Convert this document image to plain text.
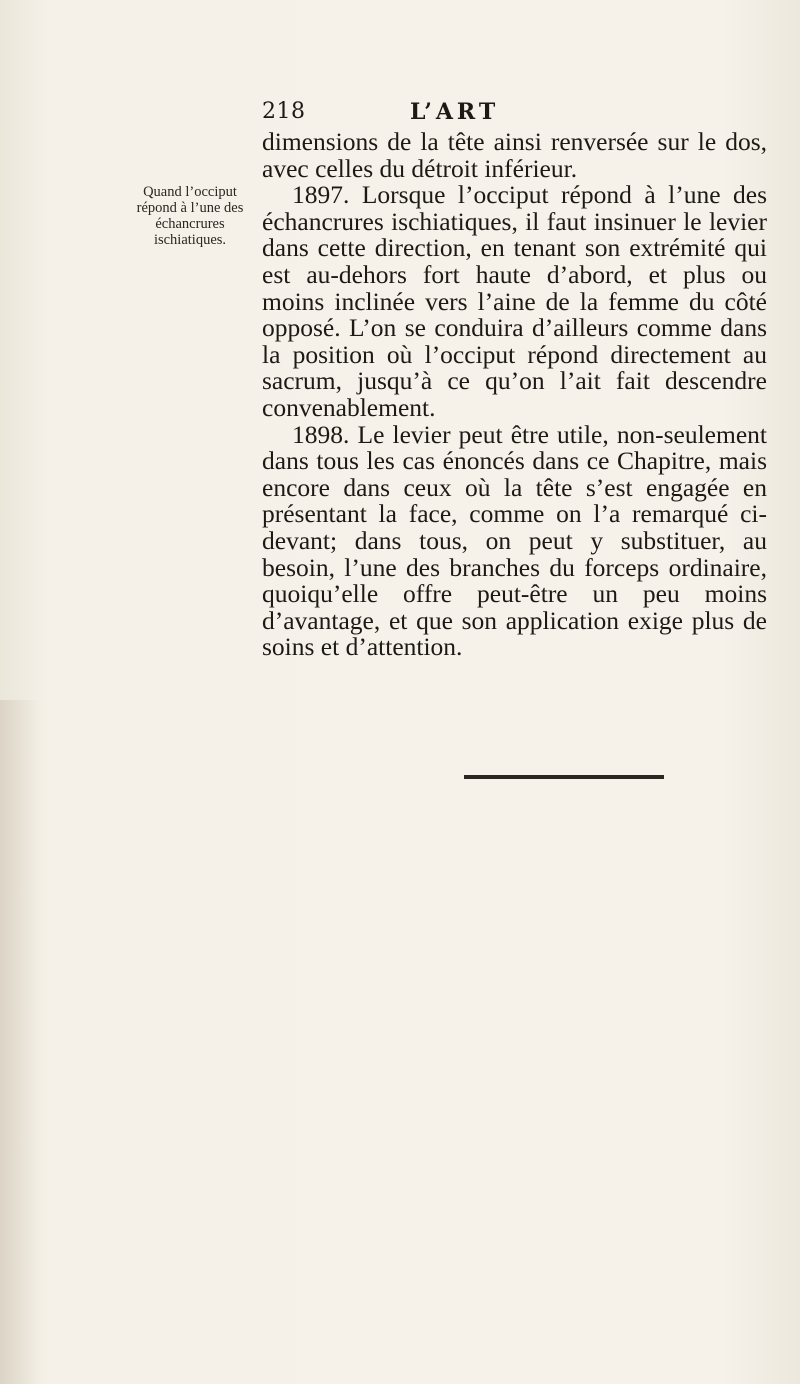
218	L’ART
Quand l’occiput répond à l’une des échancrures ischiatiques.

dimensions de la tête ainsi renversée sur le dos, avec celles du détroit inférieur.

1897. Lorsque l’occiput répond à l’une des échancrures ischiatiques, il faut insinuer le levier dans cette direction, en tenant son extrémité qui est au-dehors fort haute d’abord, et plus ou moins inclinée vers l’aine de la femme du côté opposé. L’on se conduira d’ailleurs comme dans la position où l’occiput répond directement au sacrum, jusqu’à ce qu’on l’ait fait descendre convenablement.

1898. Le levier peut être utile, non-seulement dans tous les cas énoncés dans ce Chapitre, mais encore dans ceux où la tête s’est engagée en présentant la face, comme on l’a remarqué ci-devant; dans tous, on peut y substituer, au besoin, l’une des branches du forceps ordinaire, quoiqu’elle offre peut-être un peu moins d’avantage, et que son application exige plus de soins et d’attention.
